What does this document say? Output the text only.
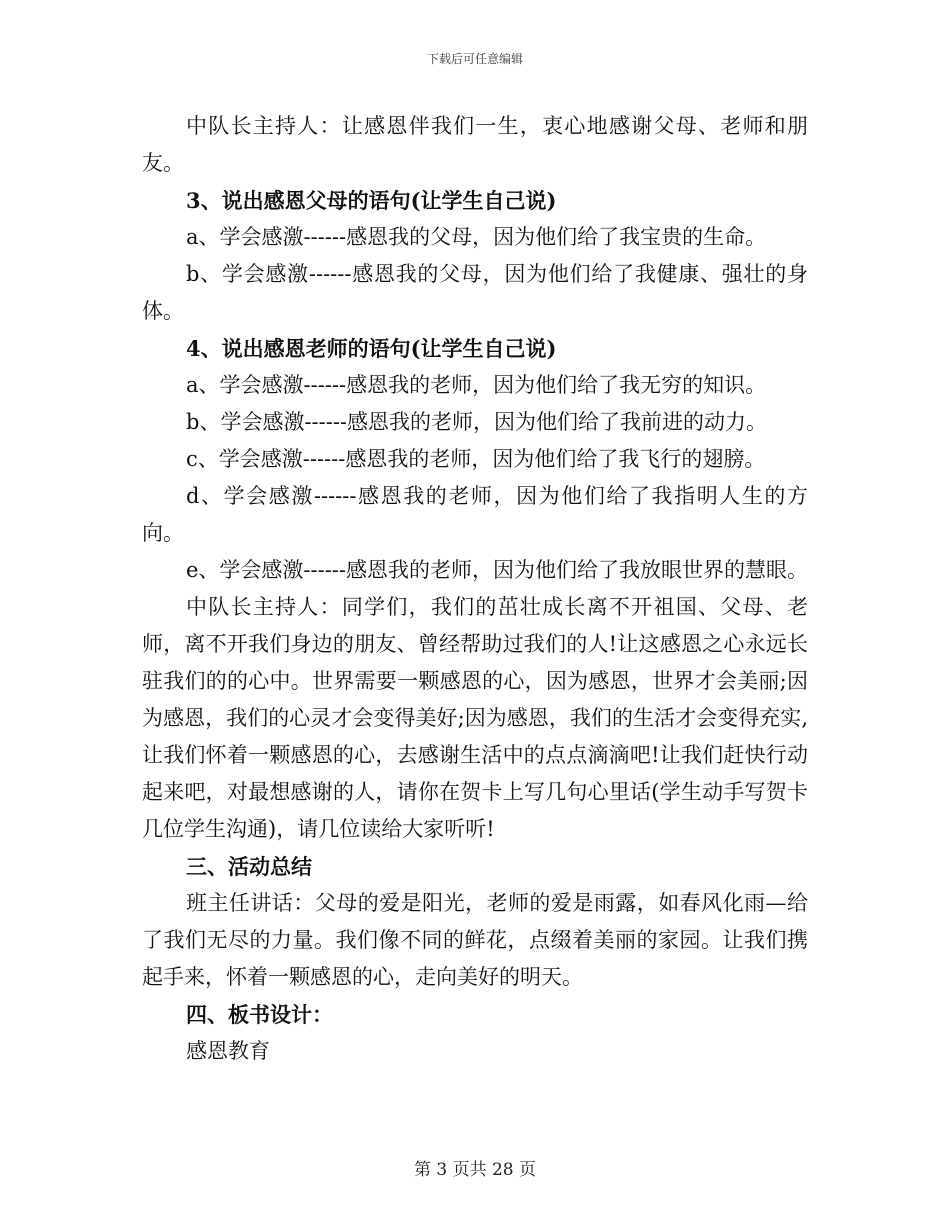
下载后可任意编辑

中队长主持人：让感恩伴我们一生，衷心地感谢父母、老师和朋友。

3、说出感恩父母的语句(让学生自己说)

a、学会感激------感恩我的父母，因为他们给了我宝贵的生命。

b、学会感激------感恩我的父母，因为他们给了我健康、强壮的身体。

4、说出感恩老师的语句(让学生自己说)

a、学会感激------感恩我的老师，因为他们给了我无穷的知识。

b、学会感激------感恩我的老师，因为他们给了我前进的动力。

c、学会感激------感恩我的老师，因为他们给了我飞行的翅膀。

d、学会感激------感恩我的老师，因为他们给了我指明人生的方向。

e、学会感激------感恩我的老师，因为他们给了我放眼世界的慧眼。

中队长主持人：同学们，我们的茁壮成长离不开祖国、父母、老师，离不开我们身边的朋友、曾经帮助过我们的人!让这感恩之心永远长驻我们的的心中。世界需要一颗感恩的心，因为感恩，世界才会美丽;因为感恩，我们的心灵才会变得美好;因为感恩，我们的生活才会变得充实,让我们怀着一颗感恩的心，去感谢生活中的点点滴滴吧!让我们赶快行动起来吧，对最想感谢的人，请你在贺卡上写几句心里话(学生动手写贺卡几位学生沟通)，请几位读给大家听听!

三、活动总结

班主任讲话：父母的爱是阳光，老师的爱是雨露，如春风化雨—给了我们无尽的力量。我们像不同的鲜花，点缀着美丽的家园。让我们携起手来，怀着一颗感恩的心，走向美好的明天。

四、板书设计：

感恩教育

第 3 页共 28 页
